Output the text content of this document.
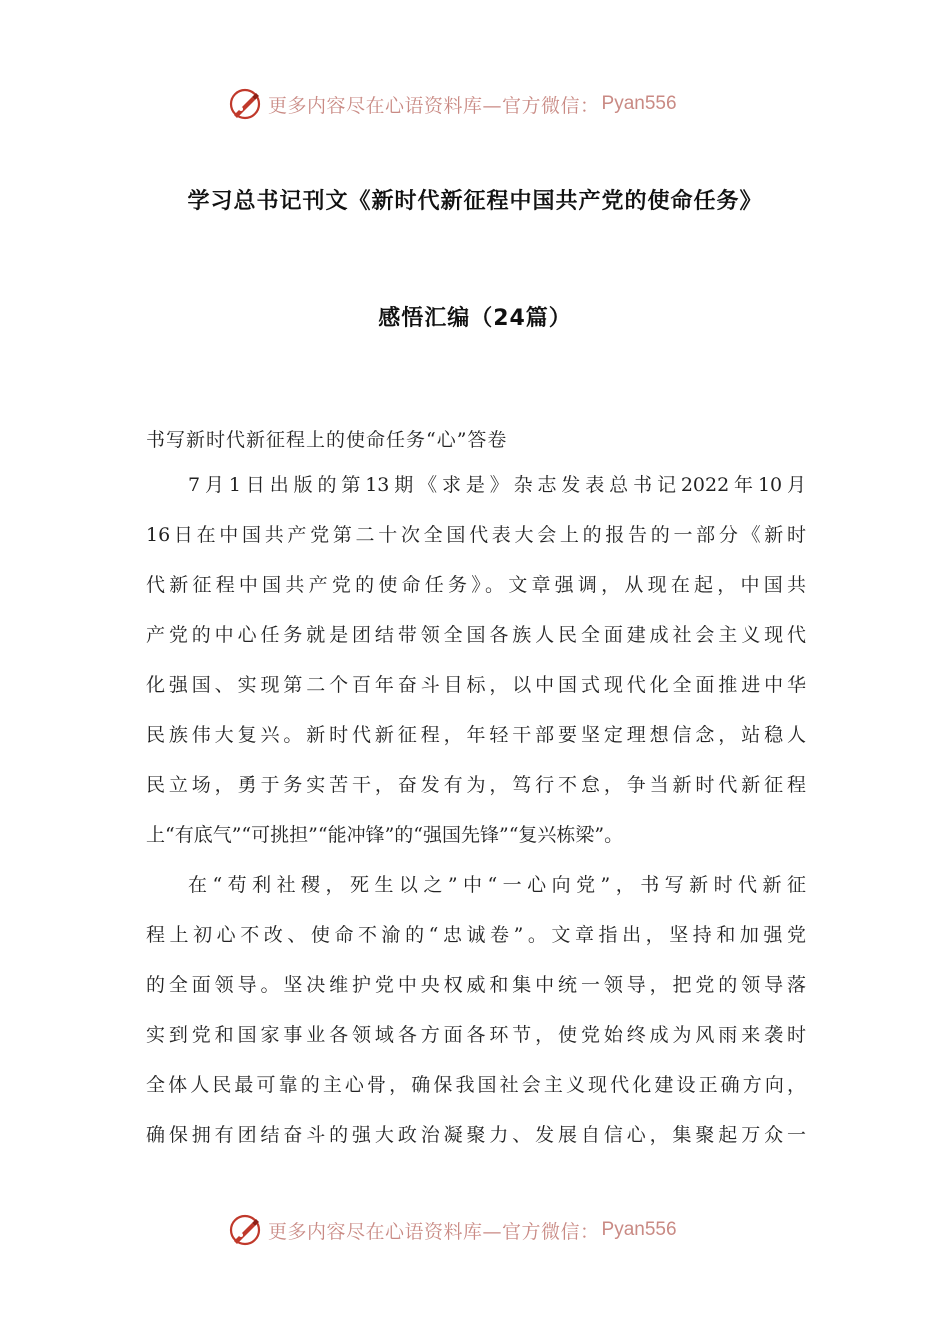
更多内容尽在心语资料库—官方微信： Pyan556
学习总书记刊文《新时代新征程中国共产党的使命任务》
感悟汇编（24篇）
书写新时代新征程上的使命任务“心”答卷
7月1日出版的第13期《求是》杂志发表总书记2022年10月
16日在中国共产党第二十次全国代表大会上的报告的一部分《新时
代新征程中国共产党的使命任务》。文章强调，从现在起，中国共
产党的中心任务就是团结带领全国各族人民全面建成社会主义现代
化强国、实现第二个百年奋斗目标，以中国式现代化全面推进中华
民族伟大复兴。新时代新征程，年轻干部要坚定理想信念，站稳人
民立场，勇于务实苦干，奋发有为，笃行不怠，争当新时代新征程
上“有底气”“可挑担”“能冲锋”的“强国先锋”“复兴栋梁”。
在“苟利社稷，死生以之”中“一心向党”，书写新时代新征
程上初心不改、使命不渝的“忠诚卷”。文章指出，坚持和加强党
的全面领导。坚决维护党中央权威和集中统一领导，把党的领导落
实到党和国家事业各领域各方面各环节，使党始终成为风雨来袭时
全体人民最可靠的主心骨，确保我国社会主义现代化建设正确方向，
确保拥有团结奋斗的强大政治凝聚力、发展自信心，集聚起万众一
更多内容尽在心语资料库—官方微信： Pyan556
